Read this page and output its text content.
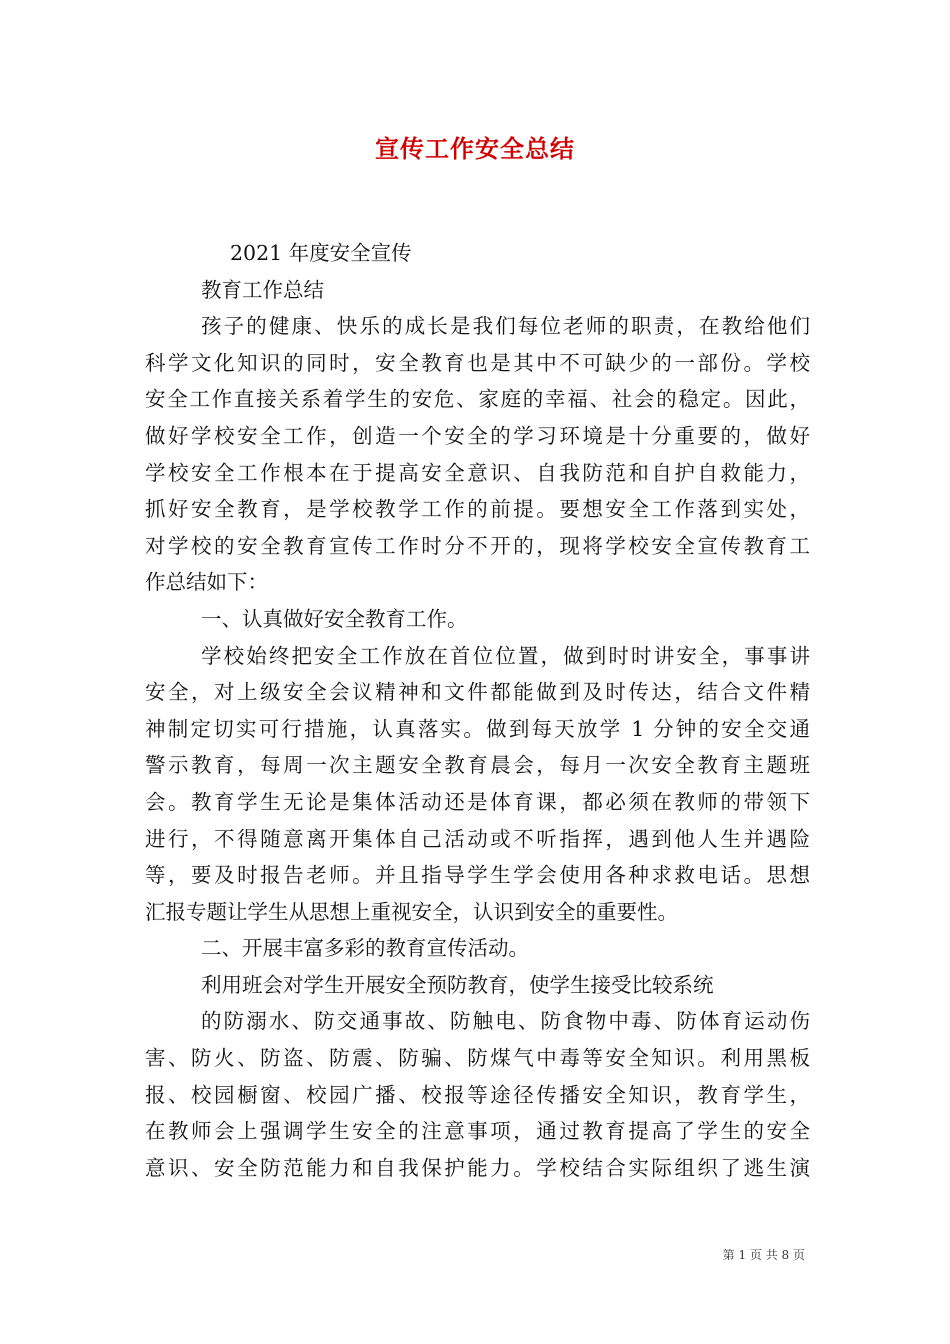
宣传工作安全总结
2021 年度安全宣传
教育工作总结
孩子的健康、快乐的成长是我们每位老师的职责，在教给他们
科学文化知识的同时，安全教育也是其中不可缺少的一部份。学校
安全工作直接关系着学生的安危、家庭的幸福、社会的稳定。因此，
做好学校安全工作，创造一个安全的学习环境是十分重要的，做好
学校安全工作根本在于提高安全意识、自我防范和自护自救能力，
抓好安全教育，是学校教学工作的前提。要想安全工作落到实处，
对学校的安全教育宣传工作时分不开的，现将学校安全宣传教育工
作总结如下：
一、认真做好安全教育工作。
学校始终把安全工作放在首位位置，做到时时讲安全，事事讲
安全，对上级安全会议精神和文件都能做到及时传达，结合文件精
神制定切实可行措施，认真落实。做到每天放学 1 分钟的安全交通
警示教育，每周一次主题安全教育晨会，每月一次安全教育主题班
会。教育学生无论是集体活动还是体育课，都必须在教师的带领下
进行，不得随意离开集体自己活动或不听指挥，遇到他人生并遇险
等，要及时报告老师。并且指导学生学会使用各种求救电话。思想
汇报专题让学生从思想上重视安全，认识到安全的重要性。
二、开展丰富多彩的教育宣传活动。
利用班会对学生开展安全预防教育，使学生接受比较系统
的防溺水、防交通事故、防触电、防食物中毒、防体育运动伤
害、防火、防盗、防震、防骗、防煤气中毒等安全知识。利用黑板
报、校园橱窗、校园广播、校报等途径传播安全知识，教育学生，
在教师会上强调学生安全的注意事项，通过教育提高了学生的安全
意识、安全防范能力和自我保护能力。学校结合实际组织了逃生演
第 1 页 共 8 页
